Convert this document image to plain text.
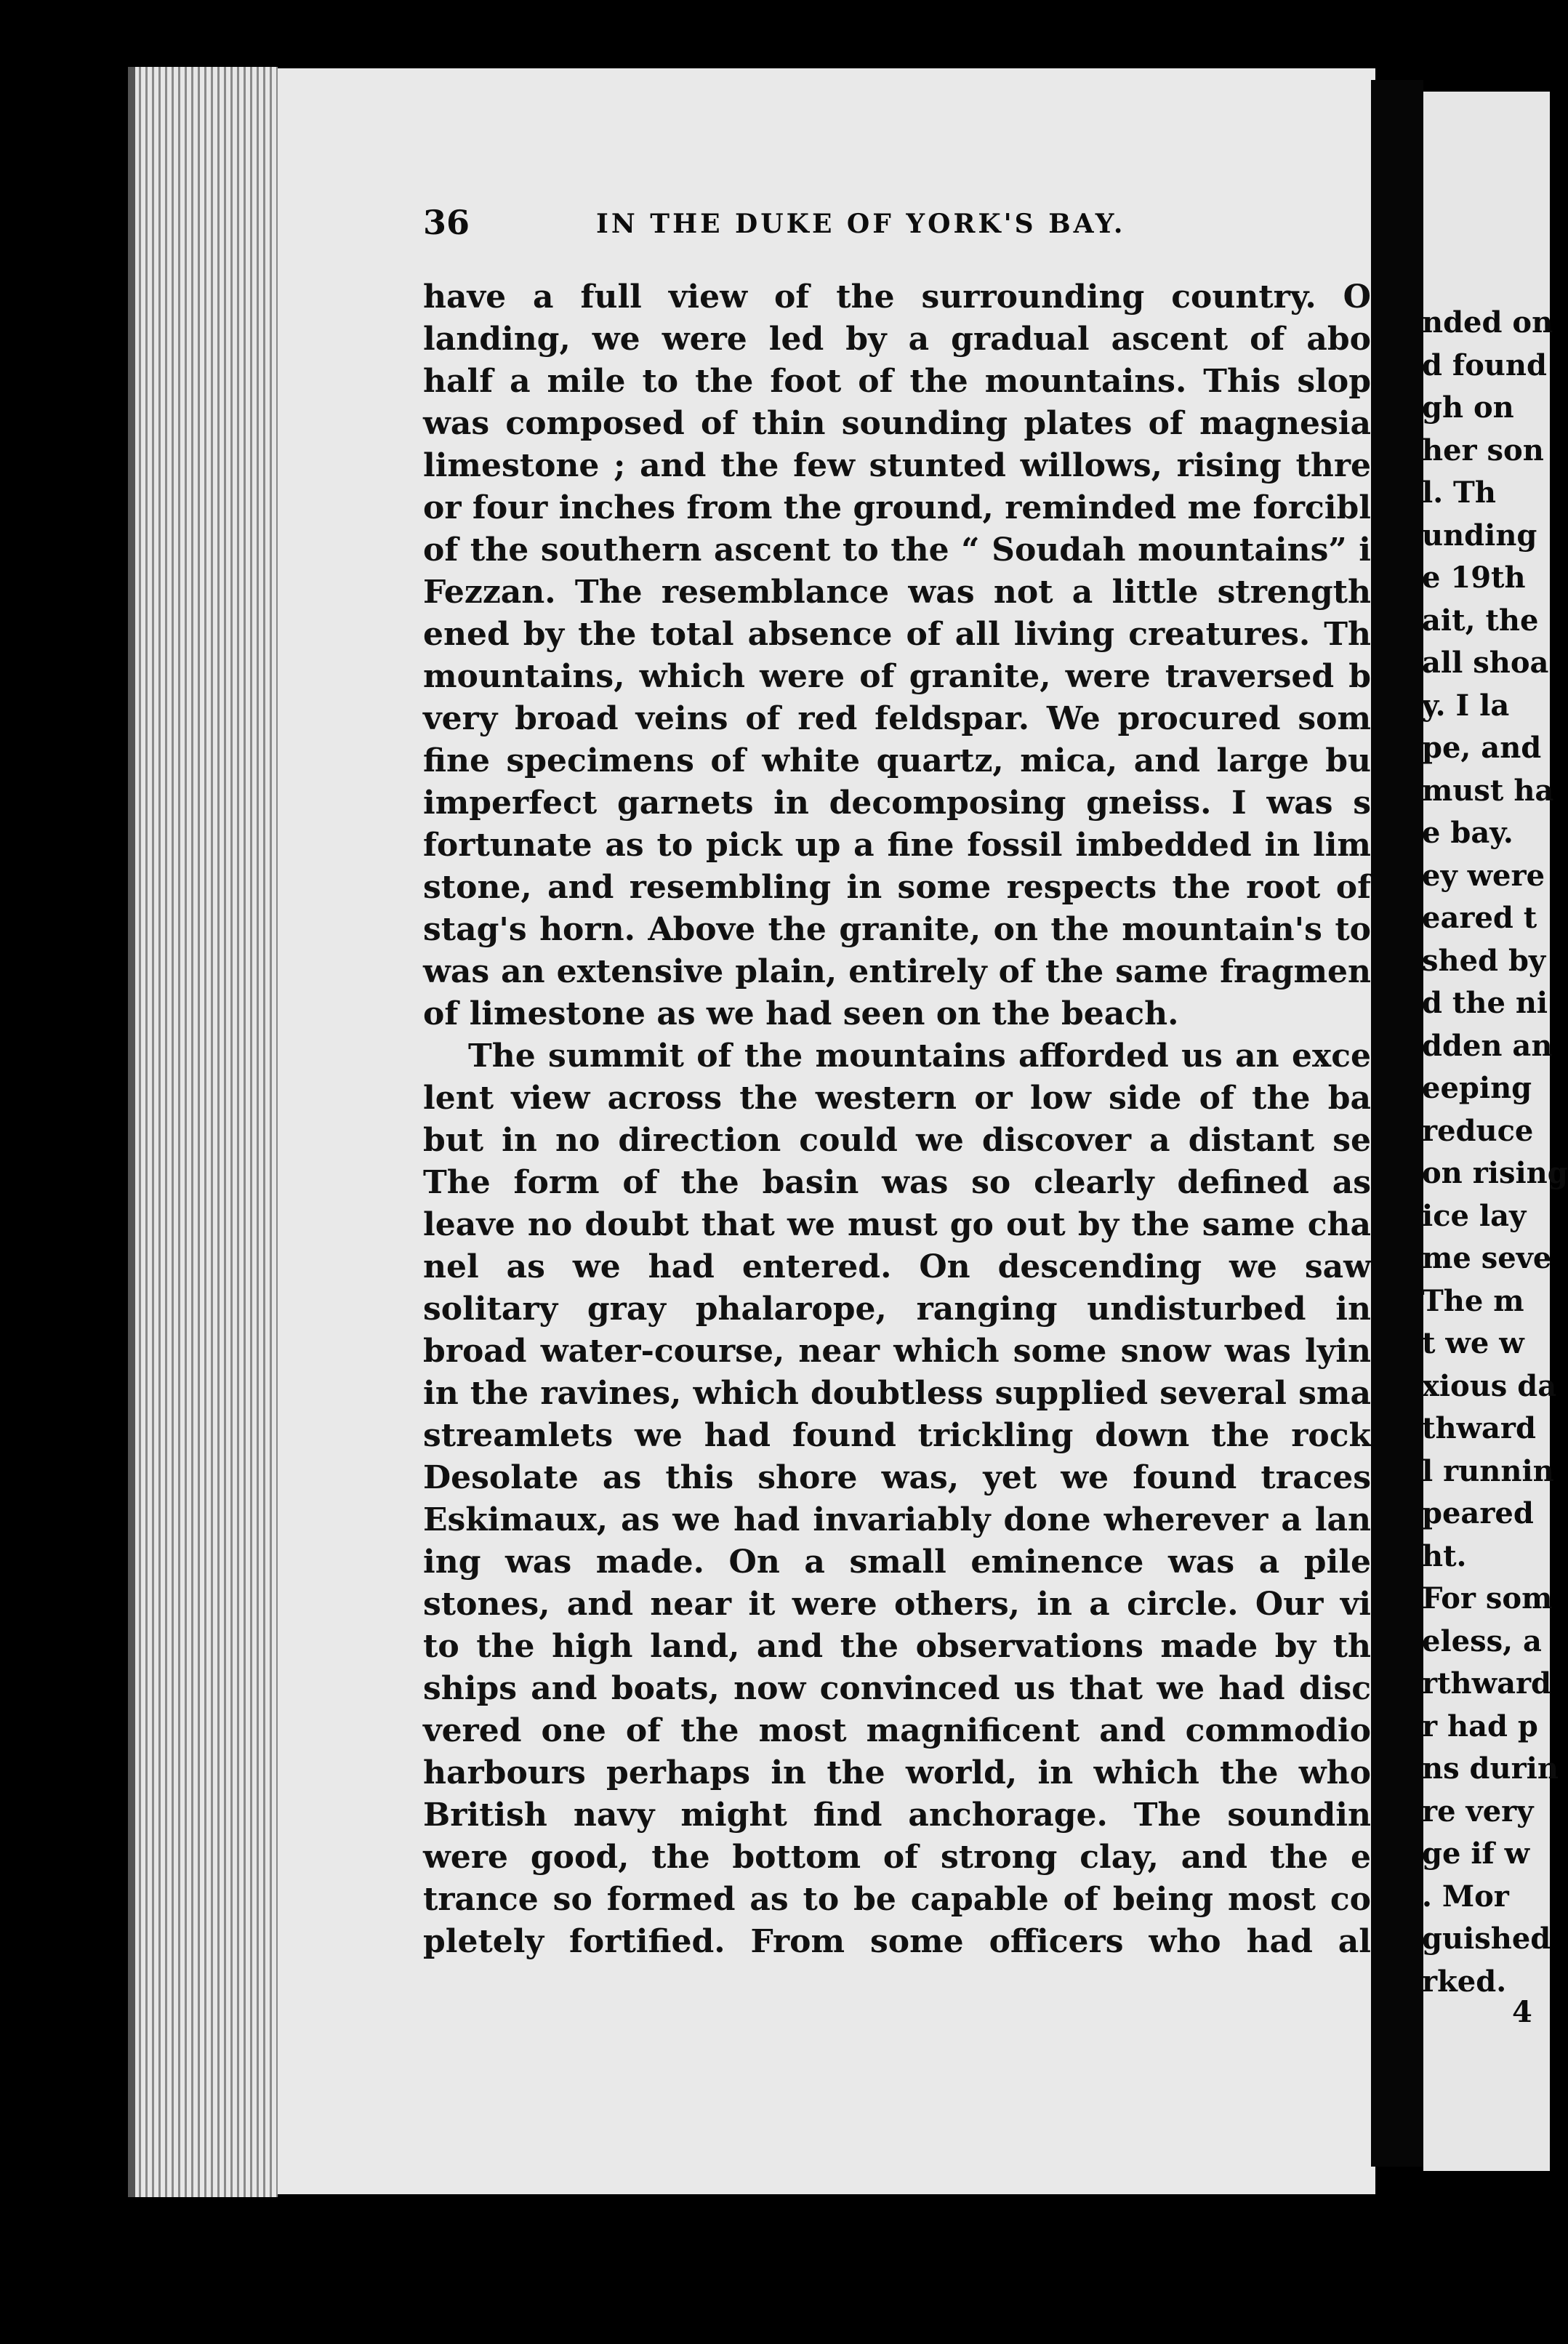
36	IN THE DUKE OF YORK'S BAY.
have a full view of the surrounding country. O
landing, we were led by a gradual ascent of abo
half a mile to the foot of the mountains. This slop
was composed of thin sounding plates of magnesia
limestone ; and the few stunted willows, rising thre
or four inches from the ground, reminded me forcibl
of the southern ascent to the “ Soudah mountains” i
Fezzan. The resemblance was not a little strength
ened by the total absence of all living creatures. Th
mountains, which were of granite, were traversed b
very broad veins of red feldspar. We procured som
fine specimens of white quartz, mica, and large bu
imperfect garnets in decomposing gneiss. I was s
fortunate as to pick up a fine fossil imbedded in lim
stone, and resembling in some respects the root of
stag's horn. Above the granite, on the mountain's to
was an extensive plain, entirely of the same fragmen
of limestone as we had seen on the beach.
The summit of the mountains afforded us an exce
lent view across the western or low side of the ba
but in no direction could we discover a distant se
The form of the basin was so clearly defined as
leave no doubt that we must go out by the same cha
nel as we had entered. On descending we saw
solitary gray phalarope, ranging undisturbed in
broad water-course, near which some snow was lyin
in the ravines, which doubtless supplied several sma
streamlets we had found trickling down the rock
Desolate as this shore was, yet we found traces
Eskimaux, as we had invariably done wherever a lan
ing was made. On a small eminence was a pile
stones, and near it were others, in a circle. Our vi
to the high land, and the observations made by th
ships and boats, now convinced us that we had disc
vered one of the most magnificent and commodio
harbours perhaps in the world, in which the who
British navy might find anchorage. The soundin
were good, the bottom of strong clay, and the e
trance so formed as to be capable of being most co
pletely fortified. From some officers who had al
nded on
d found
gh on
her son
l. Th
unding
e 19th
ait, the
all shoa
y. I la
pe, and
must ha
e bay.
ey were
eared t
shed by
d the ni
dden an
eeping
reduce
on rising
ice lay
me seve
The m
t we w
xious da
thward
l runnin
peared
ht.
For som
eless, a
rthward
r had p
ns durin
re very
ge if w
. Mor
guished
rked.
4
